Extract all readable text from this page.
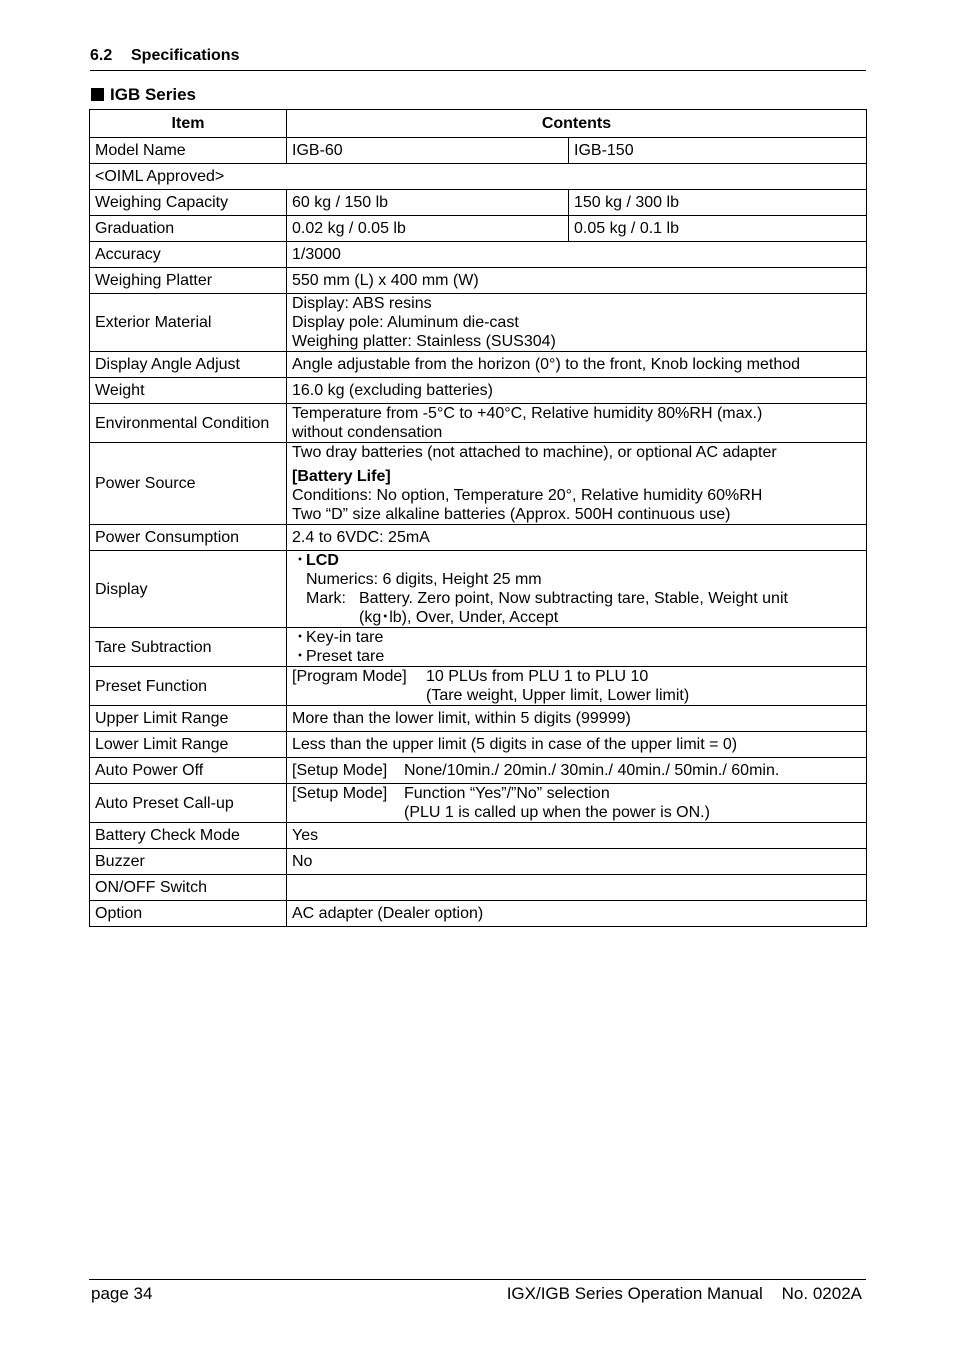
6.2 Specifications
IGB Series
Item	Contents	
Model Name	IGB-60	IGB-150
<OIML Approved>		
Weighing Capacity	60 kg / 150 lb	150 kg / 300 lb
Graduation	0.02 kg / 0.05 lb	0.05 kg / 0.1 lb
Accuracy	1/3000	
Weighing Platter	550 mm (L) x 400 mm (W)	
Exterior Material	Display: ABS resins
Display pole: Aluminum die-cast
Weighing platter: Stainless (SUS304)	

Display Angle Adjust	Angle adjustable from the horizon (0°) to the front, Knob locking method	
Weight	16.0 kg (excluding batteries)	
Environmental Condition	Temperature from -5°C to +40°C, Relative humidity 80%RH (max.)
without condensation	

Power Source	Two dray batteries (not attached to machine), or optional AC adapter
[Battery Life]
Conditions: No option, Temperature 20°, Relative humidity 60%RH
Two “D” size alkaline batteries (Approx. 500H continuous use)	

Power Consumption	2.4 to 6VDC: 25mA	
Display	・LCD
Numerics: 6 digits, Height 25 mm
Mark: Battery. Zero point, Now subtracting tare, Stable, Weight unit
(kg･lb), Over, Under, Accept	

Tare Subtraction	・Key-in tare
・Preset tare	

Preset Function	[Program Mode] 10 PLUs from PLU 1 to PLU 10
(Tare weight, Upper limit, Lower limit)	

Upper Limit Range	More than the lower limit, within 5 digits (99999)	
Lower Limit Range	Less than the upper limit (5 digits in case of the upper limit = 0)	
Auto Power Off	[Setup Mode] None/10min./ 20min./ 30min./ 40min./ 50min./ 60min.	
Auto Preset Call-up	[Setup Mode] Function “Yes”/”No” selection
(PLU 1 is called up when the power is ON.)	

Battery Check Mode	Yes	
Buzzer	No	
ON/OFF Switch		
Option	AC adapter (Dealer option)	
page 34	IGX/IGB Series Operation Manual    No. 0202A
